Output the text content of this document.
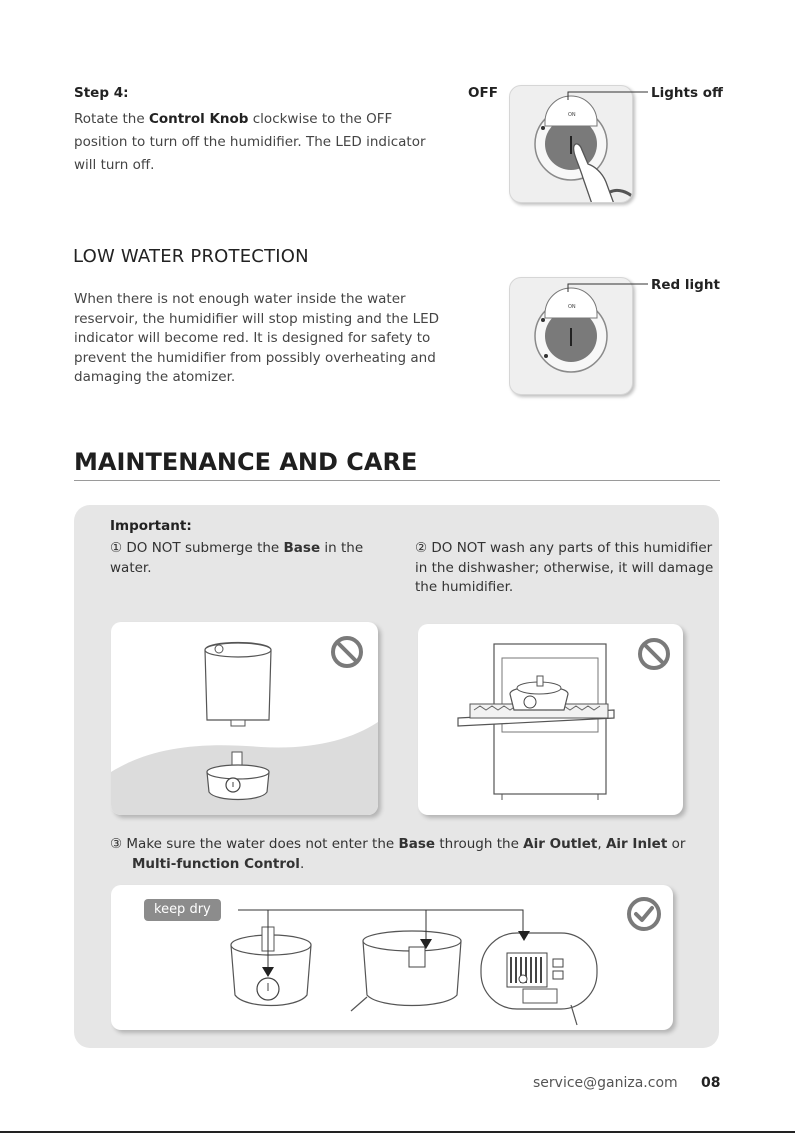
Step 4:
Rotate the Control Knob clockwise to the OFF position to turn off the humidifier. The LED indicator will turn off.
OFF	Lights off
ON
LOW WATER PROTECTION
When there is not enough water inside the water reservoir, the humidifier will stop misting and the LED indicator will become red. It is designed for safety to prevent the humidifier from possibly overheating and damaging the atomizer.
Red light
ON
MAINTENANCE AND CARE
Important:
① DO NOT submerge the Base in the water.
② DO NOT wash any parts of this humidifier in the dishwasher; otherwise, it will damage the humidifier.
③ Make sure the water does not enter the Base through the Air Outlet, Air Inlet or Multi-function Control.
keep dry
service@ganiza.com 08
